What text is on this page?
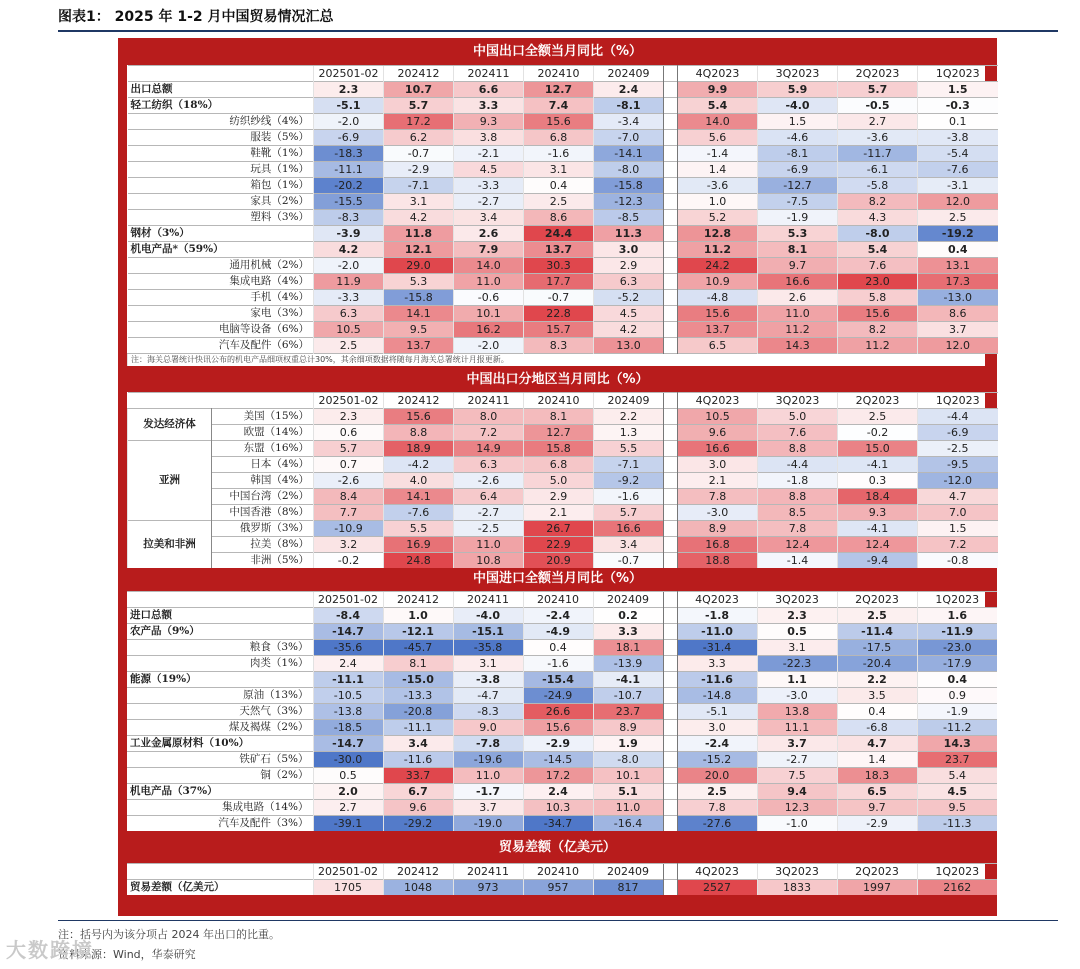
图表1： 2025 年 1-2 月中国贸易情况汇总
中国出口全额当月同比（%）
	202501-02	202412	202411	202410	202409		4Q2023	3Q2023	2Q2023	1Q2023
出口总额	2.3	10.7	6.6	12.7	2.4		9.9	5.9	5.7	1.5
轻工纺织（18%）	-5.1	5.7	3.3	7.4	-8.1		5.4	-4.0	-0.5	-0.3
纺织纱线（4%）	-2.0	17.2	9.3	15.6	-3.4		14.0	1.5	2.7	0.1
服装（5%）	-6.9	6.2	3.8	6.8	-7.0		5.6	-4.6	-3.6	-3.8
鞋靴（1%）	-18.3	-0.7	-2.1	-1.6	-14.1		-1.4	-8.1	-11.7	-5.4
玩具（1%）	-11.1	-2.9	4.5	3.1	-8.0		1.4	-6.9	-6.1	-7.6
箱包（1%）	-20.2	-7.1	-3.3	0.4	-15.8		-3.6	-12.7	-5.8	-3.1
家具（2%）	-15.5	3.1	-2.7	2.5	-12.3		1.0	-7.5	8.2	12.0
塑料（3%）	-8.3	4.2	3.4	8.6	-8.5		5.2	-1.9	4.3	2.5
钢材（3%）	-3.9	11.8	2.6	24.4	11.3		12.8	5.3	-8.0	-19.2
机电产品*（59%）	4.2	12.1	7.9	13.7	3.0		11.2	8.1	5.4	0.4
通用机械（2%）	-2.0	29.0	14.0	30.3	2.9		24.2	9.7	7.6	13.1
集成电路（4%）	11.9	5.3	11.0	17.7	6.3		10.9	16.6	23.0	17.3
手机（4%）	-3.3	-15.8	-0.6	-0.7	-5.2		-4.8	2.6	5.8	-13.0
家电（3%）	6.3	14.1	10.1	22.8	4.5		15.6	11.0	15.6	8.6
电脑等设备（6%）	10.5	9.5	16.2	15.7	4.2		13.7	11.2	8.2	3.7
汽车及配件（6%）	2.5	13.7	-2.0	8.3	13.0		6.5	14.3	11.2	12.0
注：海关总署统计快讯公布的机电产品细项权重总计30%，其余细项数据将随每月海关总署统计月报更新。										
中国出口分地区当月同比（%）
		202501-02	202412	202411	202410	202409		4Q2023	3Q2023	2Q2023	1Q2023
发达经济体	美国（15%）	2.3	15.6	8.0	8.1	2.2		10.5	5.0	2.5	-4.4
	欧盟（14%）	0.6	8.8	7.2	12.7	1.3		9.6	7.6	-0.2	-6.9
亚洲	东盟（16%）	5.7	18.9	14.9	15.8	5.5		16.6	8.8	15.0	-2.5
	日本（4%）	0.7	-4.2	6.3	6.8	-7.1		3.0	-4.4	-4.1	-9.5
	韩国（4%）	-2.6	4.0	-2.6	5.0	-9.2		2.1	-1.8	0.3	-12.0
	中国台湾（2%）	8.4	14.1	6.4	2.9	-1.6		7.8	8.8	18.4	4.7
	中国香港（8%）	7.7	-7.6	-2.7	2.1	5.7		-3.0	8.5	9.3	7.0
拉美和非洲	俄罗斯（3%）	-10.9	5.5	-2.5	26.7	16.6		8.9	7.8	-4.1	1.5
	拉美（8%）	3.2	16.9	11.0	22.9	3.4		16.8	12.4	12.4	7.2
	非洲（5%）	-0.2	24.8	10.8	20.9	-0.7		18.8	-1.4	-9.4	-0.8
中国进口全额当月同比（%）
	202501-02	202412	202411	202410	202409		4Q2023	3Q2023	2Q2023	1Q2023
进口总额	-8.4	1.0	-4.0	-2.4	0.2		-1.8	2.3	2.5	1.6
农产品（9%）	-14.7	-12.1	-15.1	-4.9	3.3		-11.0	0.5	-11.4	-11.9
粮食（3%）	-35.6	-45.7	-35.8	0.4	18.1		-31.4	3.1	-17.5	-23.0
肉类（1%）	2.4	8.1	3.1	-1.6	-13.9		3.3	-22.3	-20.4	-17.9
能源（19%）	-11.1	-15.0	-3.8	-15.4	-4.1		-11.6	1.1	2.2	0.4
原油（13%）	-10.5	-13.3	-4.7	-24.9	-10.7		-14.8	-3.0	3.5	0.9
天然气（3%）	-13.8	-20.8	-8.3	26.6	23.7		-5.1	13.8	0.4	-1.9
煤及褐煤（2%）	-18.5	-11.1	9.0	15.6	8.9		3.0	11.1	-6.8	-11.2
工业金属原材料（10%）	-14.7	3.4	-7.8	-2.9	1.9		-2.4	3.7	4.7	14.3
铁矿石（5%）	-30.0	-11.6	-19.6	-14.5	-8.0		-15.2	-2.7	1.4	23.7
铜（2%）	0.5	33.7	11.0	17.2	10.1		20.0	7.5	18.3	5.4
机电产品（37%）	2.0	6.7	-1.7	2.4	5.1		2.5	9.4	6.5	4.5
集成电路（14%）	2.7	9.6	3.7	10.3	11.0		7.8	12.3	9.7	9.5
汽车及配件（3%）	-39.1	-29.2	-19.0	-34.7	-16.4		-27.6	-1.0	-2.9	-11.3
贸易差额（亿美元）
	202501-02	202412	202411	202410	202409		4Q2023	3Q2023	2Q2023	1Q2023
贸易差额（亿美元）	1705	1048	973	957	817		2527	1833	1997	2162
注：括号内为该分项占 2024 年出口的比重。
资料来源：Wind，华泰研究
大数跨境
